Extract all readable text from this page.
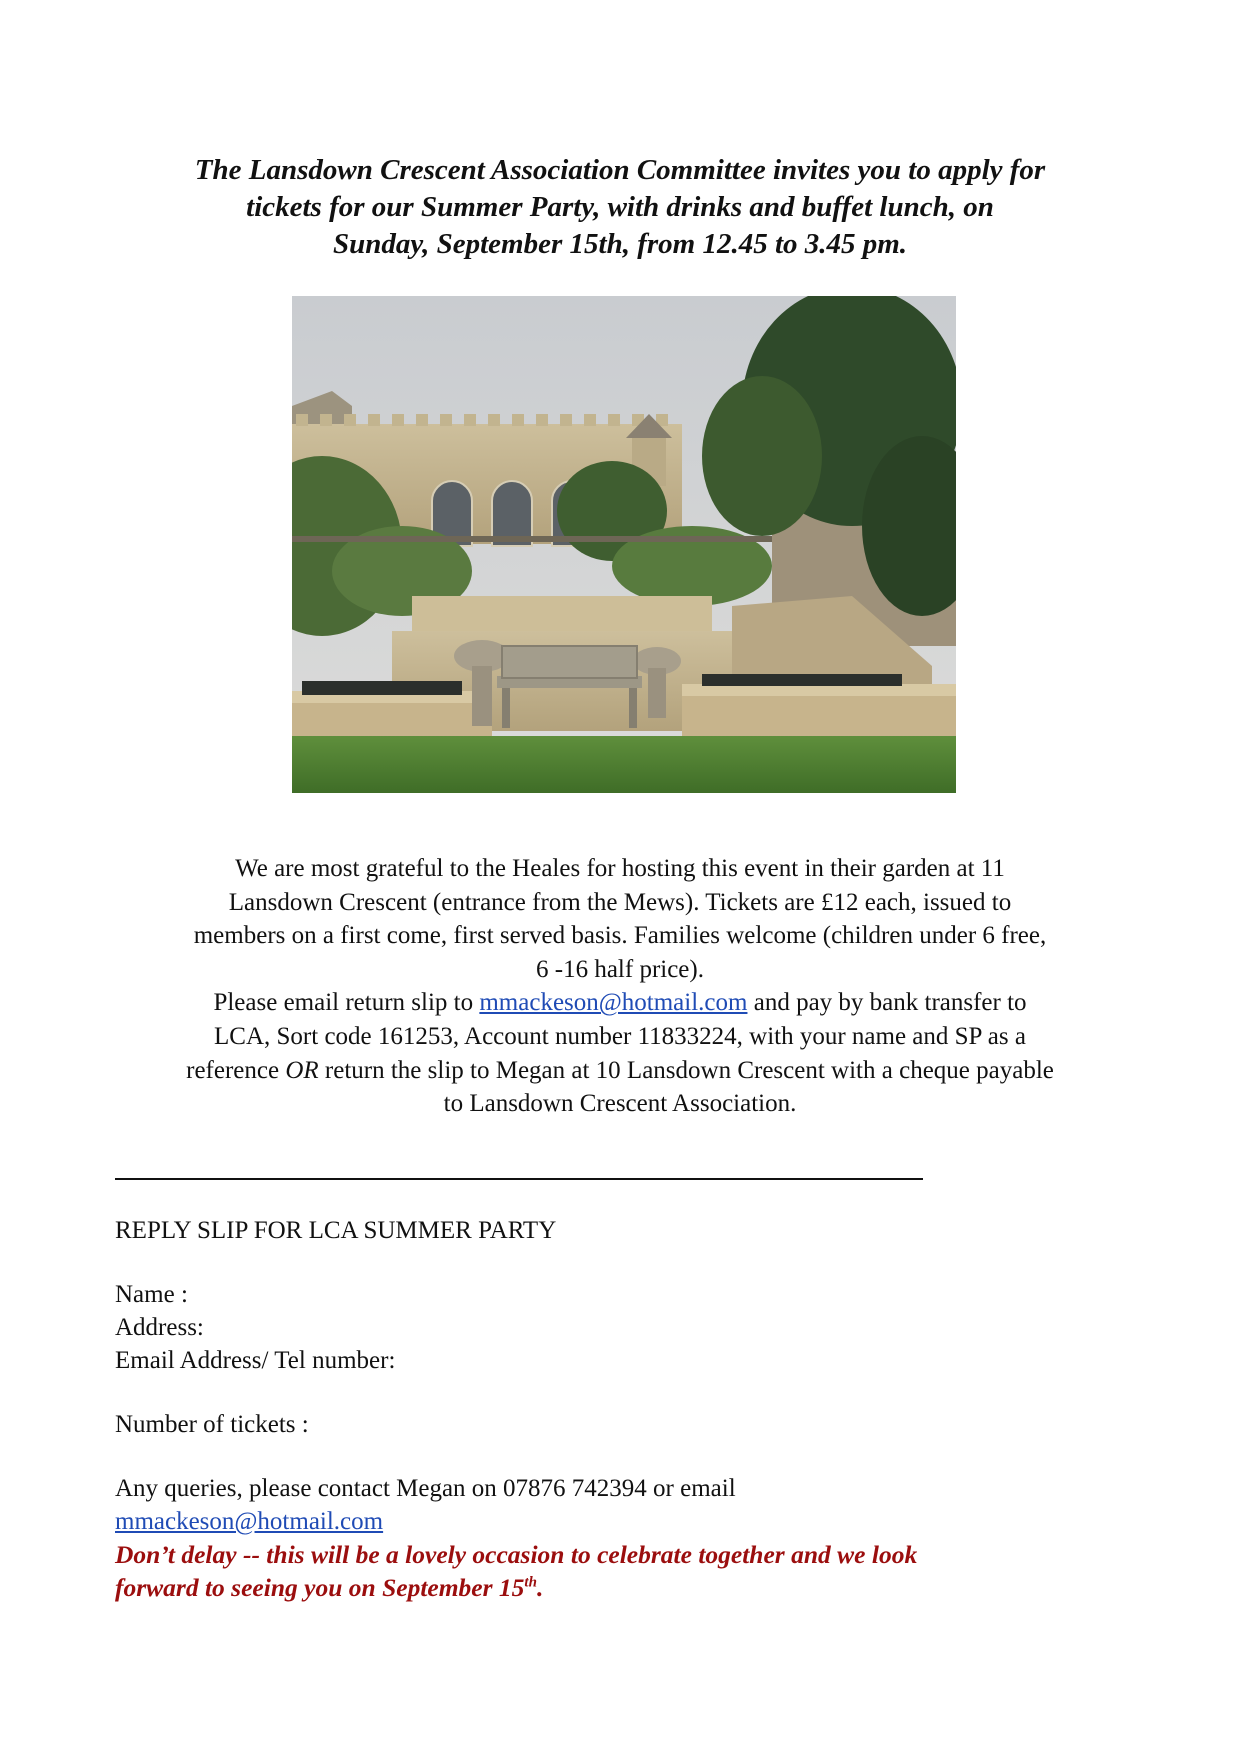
The Lansdown Crescent Association Committee invites you to apply for
tickets for our Summer Party, with drinks and buffet lunch, on
Sunday, September 15th, from 12.45 to 3.45 pm.

We are most grateful to the Heales for hosting this event in their garden at 11
Lansdown Crescent (entrance from the Mews). Tickets are £12 each, issued to
members on a first come, first served basis. Families welcome (children under 6 free,
6 -16 half price).
Please email return slip to mmackeson@hotmail.com and pay by bank transfer to
LCA, Sort code 161253, Account number 11833224, with your name and SP as a
reference OR return the slip to Megan at 10 Lansdown Crescent with a cheque payable
to Lansdown Crescent Association.

REPLY SLIP FOR LCA SUMMER PARTY
Name :
Address:
Email Address/ Tel number:
Number of tickets :
Any queries, please contact Megan on 07876 742394 or email
mmackeson@hotmail.com
Don’t delay -- this will be a lovely occasion to celebrate together and we look
forward to seeing you on September 15th.
